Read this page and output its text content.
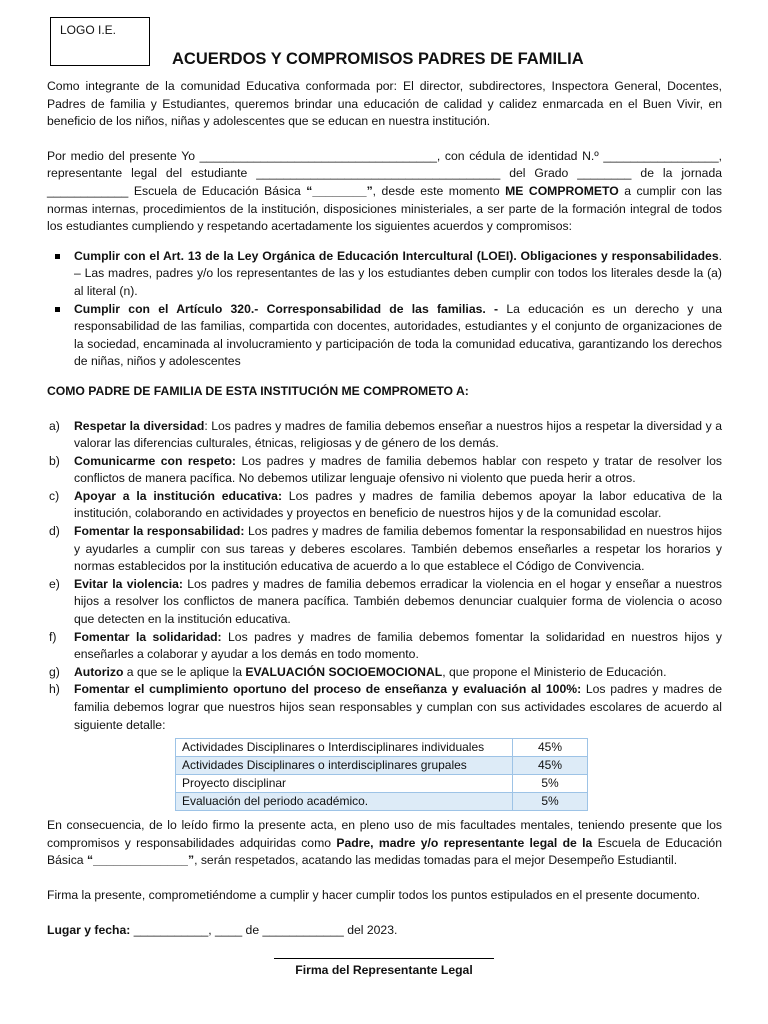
LOGO I.E.
ACUERDOS Y COMPROMISOS PADRES DE FAMILIA

Como integrante de la comunidad Educativa conformada por: El director, subdirectores, Inspectora General, Docentes, Padres de familia y Estudiantes, queremos brindar una educación de calidad y calidez enmarcada en el Buen Vivir, en beneficio de los niños, niñas y adolescentes que se educan en nuestra institución.

Por medio del presente Yo ___________________________________, con cédula de identidad N.º _________________, representante legal del estudiante ____________________________________ del Grado ________ de la jornada ____________ Escuela de Educación Básica “________”, desde este momento ME COMPROMETO a cumplir con las normas internas, procedimientos de la institución, disposiciones ministeriales, a ser parte de la formación integral de todos los estudiantes cumpliendo y respetando acertadamente los siguientes acuerdos y compromisos:

Cumplir con el Art. 13 de la Ley Orgánica de Educación Intercultural (LOEI). Obligaciones y responsabilidades. – Las madres, padres y/o los representantes de las y los estudiantes deben cumplir con todos los literales desde la (a) al literal (n).
Cumplir con el Artículo 320.- Corresponsabilidad de las familias. - La educación es un derecho y una responsabilidad de las familias, compartida con docentes, autoridades, estudiantes y el conjunto de organizaciones de la sociedad, encaminada al involucramiento y participación de toda la comunidad educativa, garantizando los derechos de niñas, niños y adolescentes

COMO PADRE DE FAMILIA DE ESTA INSTITUCIÓN ME COMPROMETO A:

a) Respetar la diversidad: Los padres y madres de familia debemos enseñar a nuestros hijos a respetar la diversidad y a valorar las diferencias culturales, étnicas, religiosas y de género de los demás.
b) Comunicarme con respeto: Los padres y madres de familia debemos hablar con respeto y tratar de resolver los conflictos de manera pacífica. No debemos utilizar lenguaje ofensivo ni violento que pueda herir a otros.
c) Apoyar a la institución educativa: Los padres y madres de familia debemos apoyar la labor educativa de la institución, colaborando en actividades y proyectos en beneficio de nuestros hijos y de la comunidad escolar.
d) Fomentar la responsabilidad: Los padres y madres de familia debemos fomentar la responsabilidad en nuestros hijos y ayudarles a cumplir con sus tareas y deberes escolares. También debemos enseñarles a respetar los horarios y normas establecidos por la institución educativa de acuerdo a lo que establece el Código de Convivencia.
e) Evitar la violencia: Los padres y madres de familia debemos erradicar la violencia en el hogar y enseñar a nuestros hijos a resolver los conflictos de manera pacífica. También debemos denunciar cualquier forma de violencia o acoso que detecten en la institución educativa.
f) Fomentar la solidaridad: Los padres y madres de familia debemos fomentar la solidaridad en nuestros hijos y enseñarles a colaborar y ayudar a los demás en todo momento.
g) Autorizo a que se le aplique la EVALUACIÓN SOCIOEMOCIONAL, que propone el Ministerio de Educación.
h) Fomentar el cumplimiento oportuno del proceso de enseñanza y evaluación al 100%: Los padres y madres de familia debemos lograr que nuestros hijos sean responsables y cumplan con sus actividades escolares de acuerdo al siguiente detalle:
Actividades Disciplinares o Interdisciplinares individuales	45%
Actividades Disciplinares o interdisciplinares grupales	45%
Proyecto disciplinar	5%
Evaluación del periodo académico.	5%

En consecuencia, de lo leído firmo la presente acta, en pleno uso de mis facultades mentales, teniendo presente que los compromisos y responsabilidades adquiridas como Padre, madre y/o representante legal de la Escuela de Educación Básica “______________”, serán respetados, acatando las medidas tomadas para el mejor Desempeño Estudiantil.

Firma la presente, comprometiéndome a cumplir y hacer cumplir todos los puntos estipulados en el presente documento.

Lugar y fecha: ___________, ____ de ____________ del 2023.

Firma del Representante Legal
